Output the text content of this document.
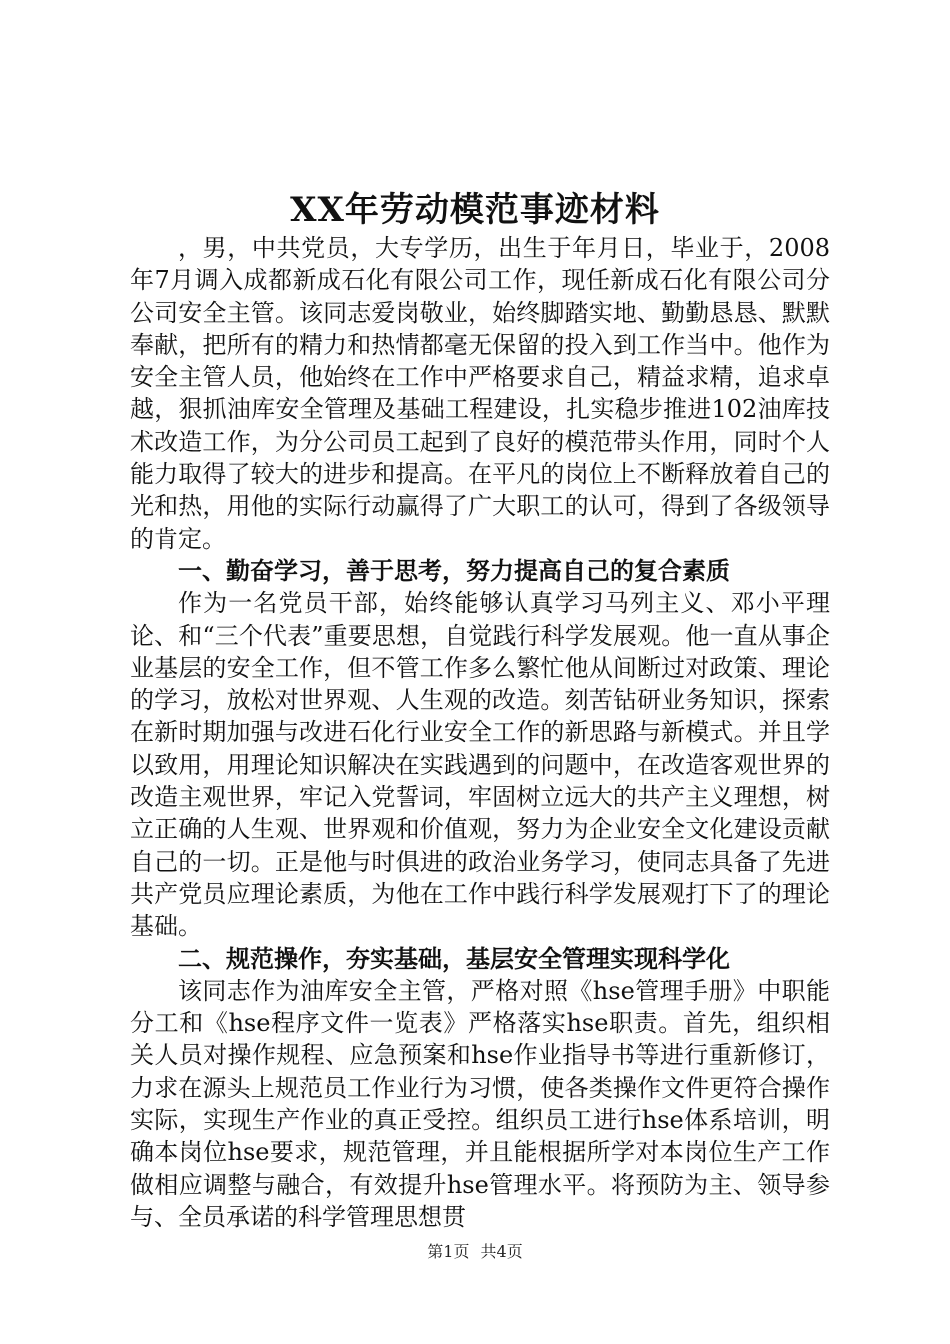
XX年劳动模范事迹材料

，男，中共党员，大专学历，出生于年月日，毕业于，2008年7月调入成都新成石化有限公司工作，现任新成石化有限公司分公司安全主管。该同志爱岗敬业，始终脚踏实地、勤勤恳恳、默默奉献，把所有的精力和热情都毫无保留的投入到工作当中。他作为安全主管人员，他始终在工作中严格要求自己，精益求精，追求卓越，狠抓油库安全管理及基础工程建设，扎实稳步推进102油库技术改造工作，为分公司员工起到了良好的模范带头作用，同时个人能力取得了较大的进步和提高。在平凡的岗位上不断释放着自己的光和热，用他的实际行动赢得了广大职工的认可，得到了各级领导的肯定。

一、勤奋学习，善于思考，努力提高自己的复合素质

作为一名党员干部，始终能够认真学习马列主义、邓小平理论、和“三个代表”重要思想，自觉践行科学发展观。他一直从事企业基层的安全工作，但不管工作多么繁忙他从间断过对政策、理论的学习，放松对世界观、人生观的改造。刻苦钻研业务知识，探索在新时期加强与改进石化行业安全工作的新思路与新模式。并且学以致用，用理论知识解决在实践遇到的问题中，在改造客观世界的改造主观世界，牢记入党誓词，牢固树立远大的共产主义理想，树立正确的人生观、世界观和价值观，努力为企业安全文化建设贡献自己的一切。正是他与时俱进的政治业务学习，使同志具备了先进共产党员应理论素质，为他在工作中践行科学发展观打下了的理论基础。

二、规范操作，夯实基础，基层安全管理实现科学化

该同志作为油库安全主管，严格对照《hse管理手册》中职能分工和《hse程序文件一览表》严格落实hse职责。首先，组织相关人员对操作规程、应急预案和hse作业指导书等进行重新修订，力求在源头上规范员工作业行为习惯，使各类操作文件更符合操作实际，实现生产作业的真正受控。组织员工进行hse体系培训，明确本岗位hse要求，规范管理，并且能根据所学对本岗位生产工作做相应调整与融合，有效提升hse管理水平。将预防为主、领导参与、全员承诺的科学管理思想贯

第1页 共4页
